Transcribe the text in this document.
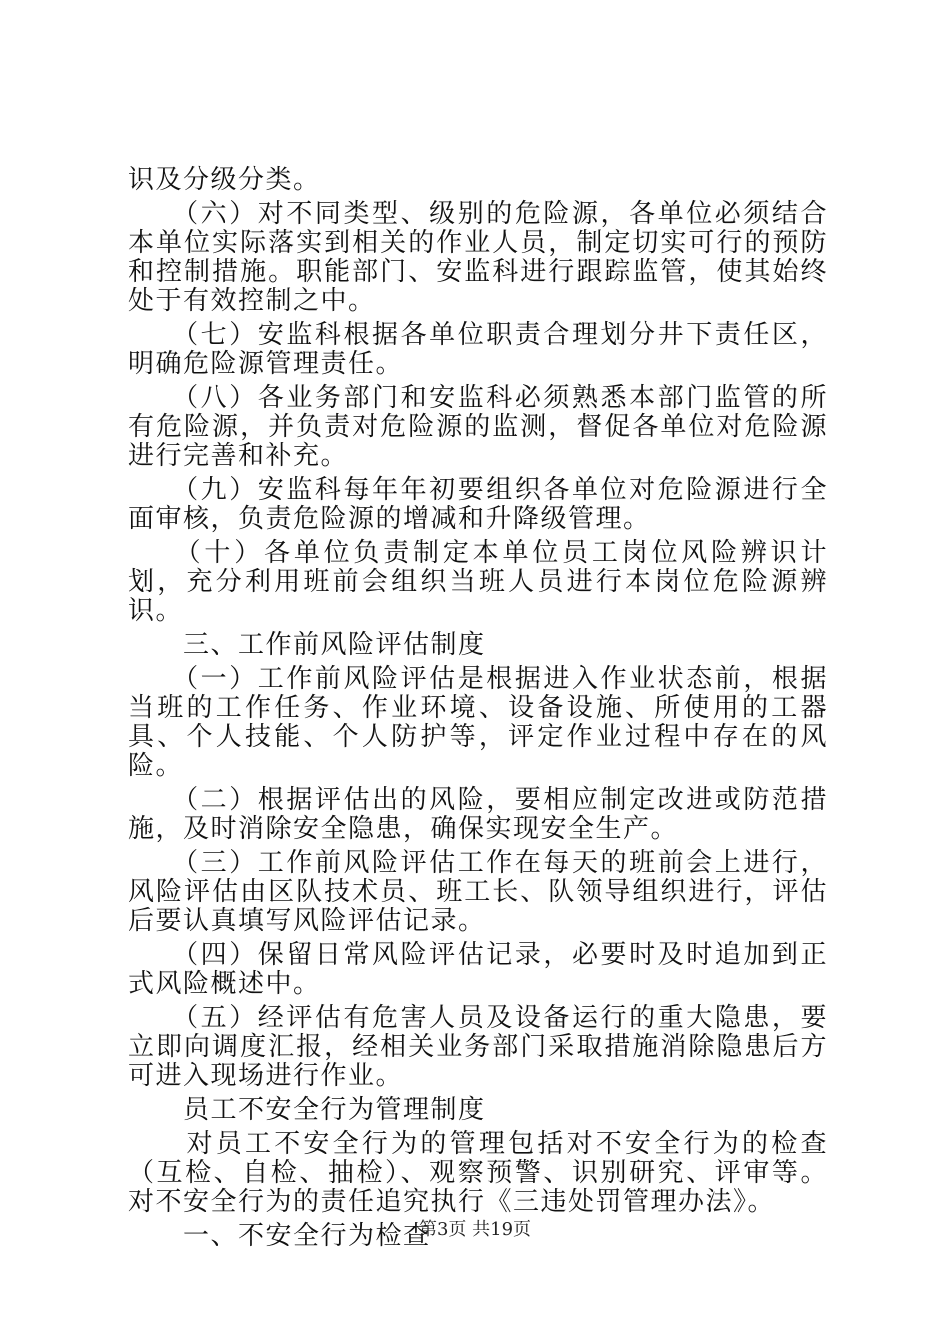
识及分级分类。

　　（六）对不同类型、级别的危险源，各单位必须结合本单位实际落实到相关的作业人员，制定切实可行的预防和控制措施。职能部门、安监科进行跟踪监管，使其始终处于有效控制之中。

　　（七）安监科根据各单位职责合理划分井下责任区，明确危险源管理责任。

　　（八）各业务部门和安监科必须熟悉本部门监管的所有危险源，并负责对危险源的监测，督促各单位对危险源进行完善和补充。

　　（九）安监科每年年初要组织各单位对危险源进行全面审核，负责危险源的增减和升降级管理。

　　（十）各单位负责制定本单位员工岗位风险辨识计划，充分利用班前会组织当班人员进行本岗位危险源辨识。

　　三、工作前风险评估制度

　　（一）工作前风险评估是根据进入作业状态前，根据当班的工作任务、作业环境、设备设施、所使用的工器具、个人技能、个人防护等，评定作业过程中存在的风险。

　　（二）根据评估出的风险，要相应制定改进或防范措施，及时消除安全隐患，确保实现安全生产。

　　（三）工作前风险评估工作在每天的班前会上进行，风险评估由区队技术员、班工长、队领导组织进行，评估后要认真填写风险评估记录。

　　（四）保留日常风险评估记录，必要时及时追加到正式风险概述中。

　　（五）经评估有危害人员及设备运行的重大隐患，要立即向调度汇报，经相关业务部门采取措施消除隐患后方可进入现场进行作业。

　　员工不安全行为管理制度

　　对员工不安全行为的管理包括对不安全行为的检查（互检、自检、抽检）、观察预警、识别研究、评审等。对不安全行为的责任追究执行《三违处罚管理办法》。

　　一、不安全行为检查

第3页 共19页
